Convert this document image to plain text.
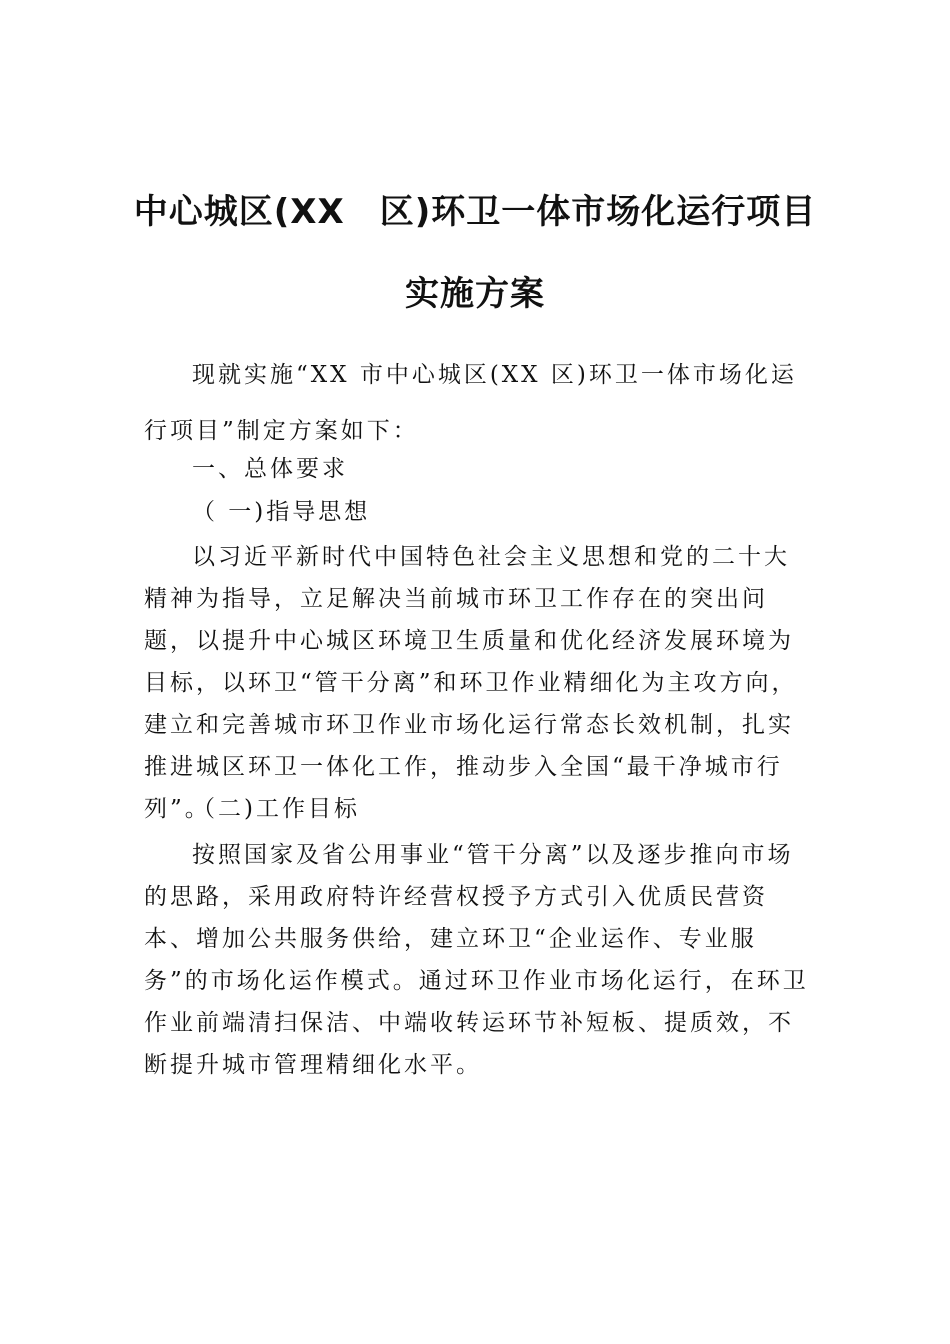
中心城区(XX　区)环卫一体市场化运行项目
实施方案
现就实施“XX 市中心城区(XX 区)环卫一体市场化运行项目”制定方案如下：
一、总体要求
（ 一)指导思想
以习近平新时代中国特色社会主义思想和党的二十大精神为指导，立足解决当前城市环卫工作存在的突出问题，以提升中心城区环境卫生质量和优化经济发展环境为目标，以环卫“管干分离”和环卫作业精细化为主攻方向，建立和完善城市环卫作业市场化运行常态长效机制，扎实推进城区环卫一体化工作，推动步入全国“最干净城市行列”。
（二)工作目标
按照国家及省公用事业“管干分离”以及逐步推向市场的思路，采用政府特许经营权授予方式引入优质民营资本、增加公共服务供给，建立环卫“企业运作、专业服务”的市场化运作模式。通过环卫作业市场化运行，在环卫作业前端清扫保洁、中端收转运环节补短板、提质效，不断提升城市管理精细化水平。
